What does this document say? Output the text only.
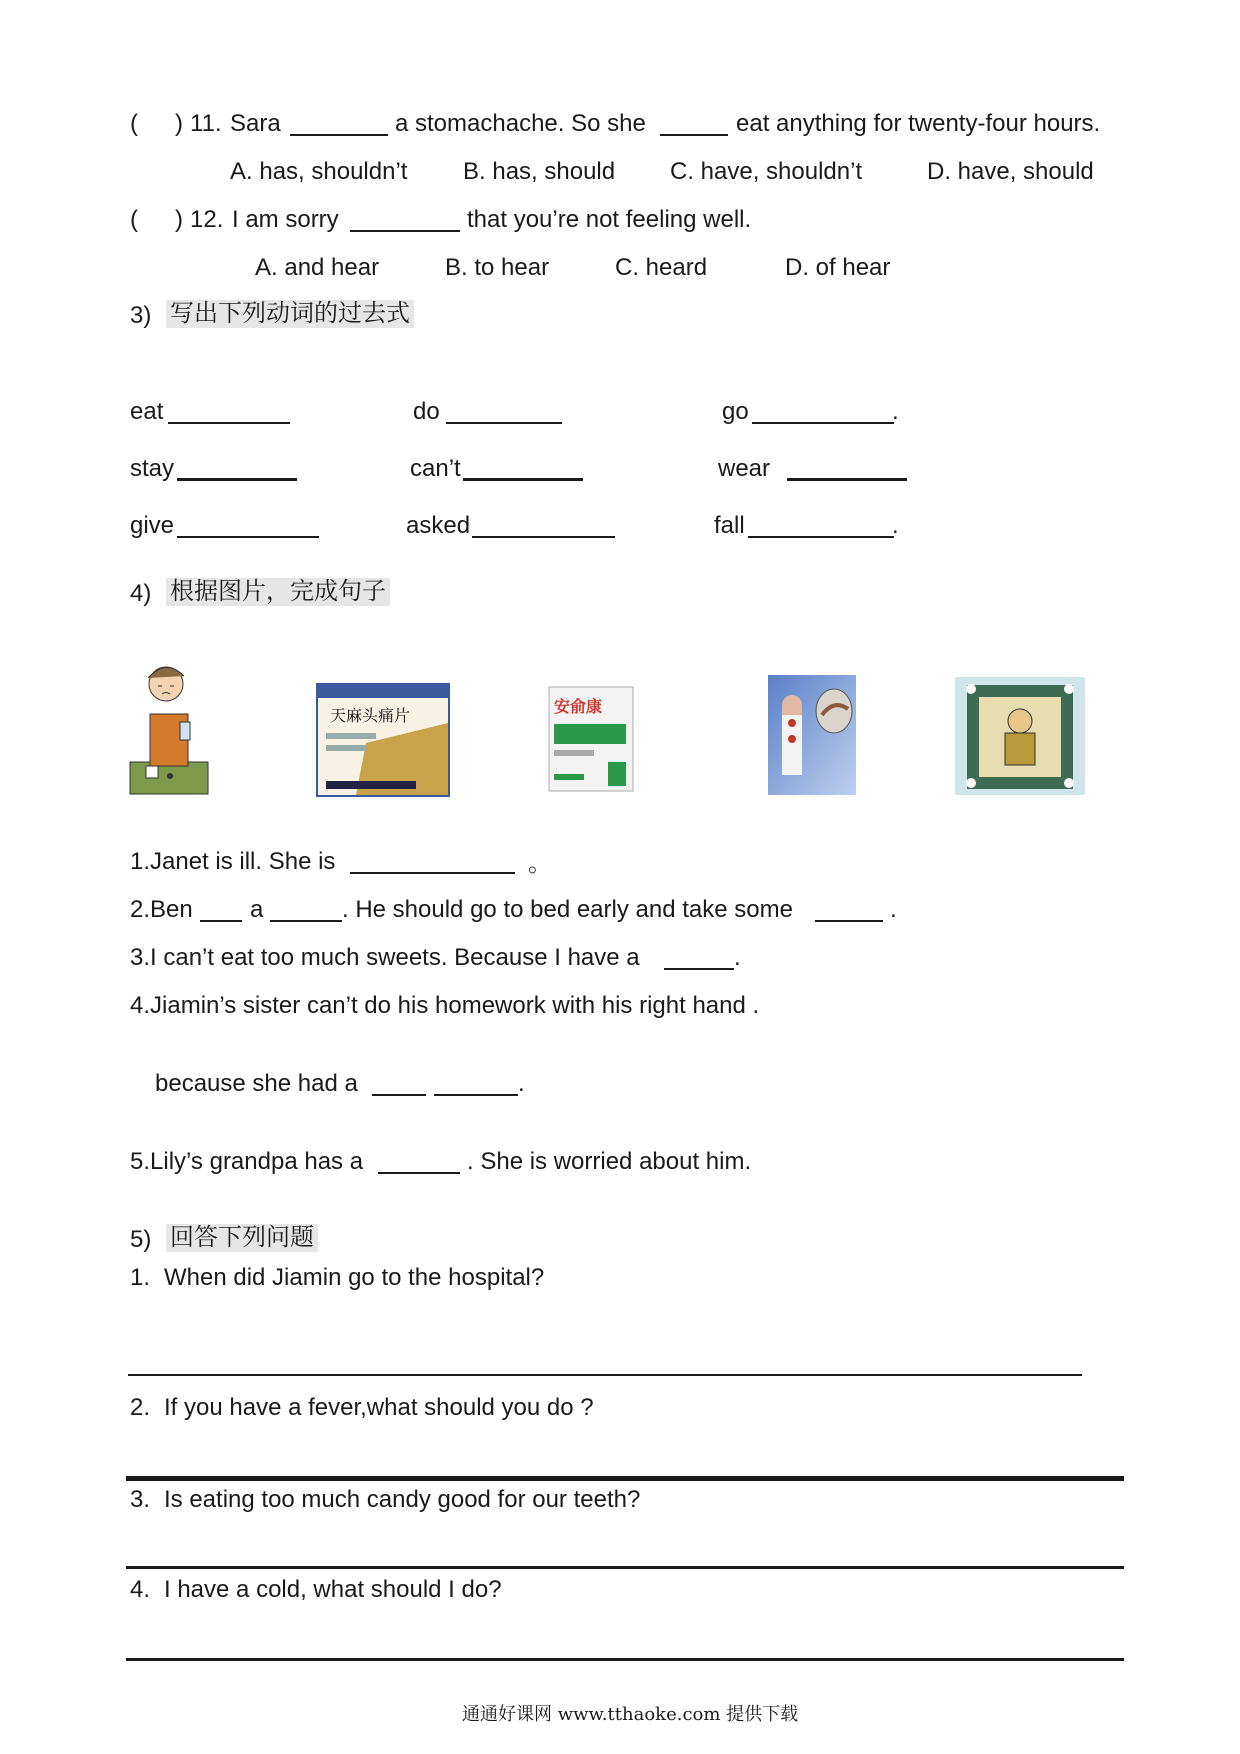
( ) 11. Sara	a stomachache. So she	eat anything for twenty-four hours.
A. has, shouldn’t B. has, should C. have, shouldn’t	D. have, should
( ) 12. I am sorry	that you’re not feeling well.
A. and hear	B. to hear	C. heard	D. of hear
3) 写出下列动词的过去式
eat	do	go	.
stay	can’t	wear
give	asked	fall	.
4) 根据图片，完成句子
天麻头痛片	安俞康
1.Janet is ill. She is	。
2.Ben a	. He should go to bed early and take some	.
3.I can’t eat too much sweets. Because I have a	.
4.Jiamin’s sister can’t do his homework with his right hand .
because she had a	.
5.Lily’s grandpa has a	. She is worried about him.
5) 回答下列问题
1. When did Jiamin go to the hospital?
2. If you have a fever,what should you do ?
3. Is eating too much candy good for our teeth?
4. I have a cold, what should I do?
通通好课网 www.tthaoke.com 提供下载
